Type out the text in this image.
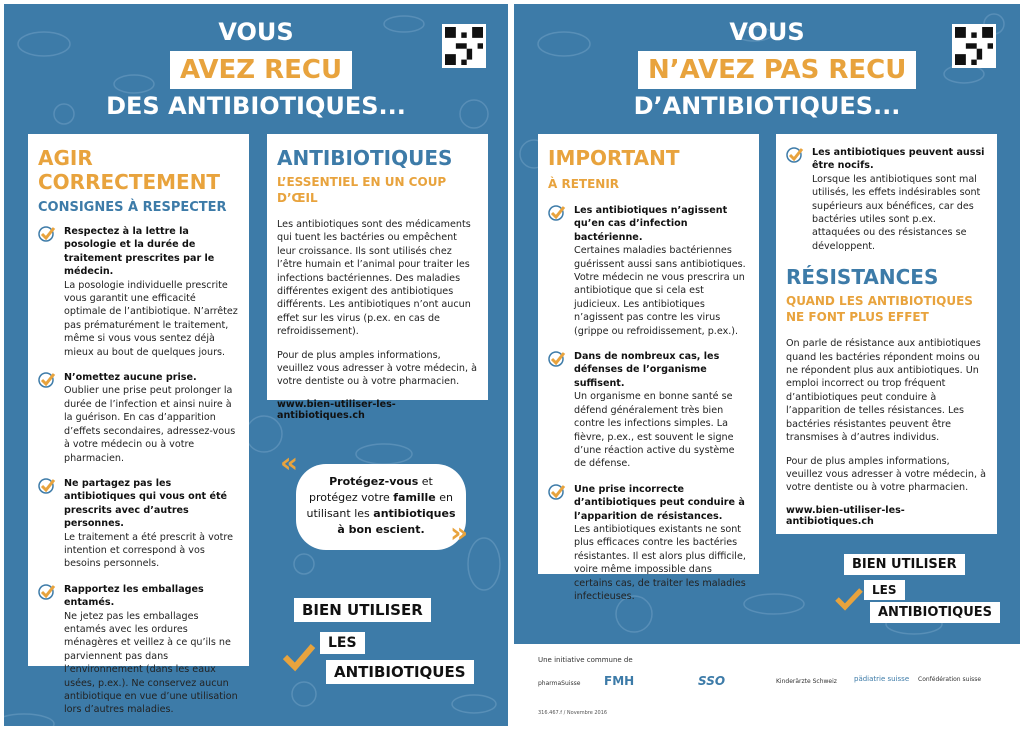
VOUS
AVEZ RECU
DES ANTIBIOTIQUES...

AGIR

CORRECTEMENT

CONSIGNES À RESPECTER

Respectez à la lettre la posologie et la durée de traitement prescrites par le médecin.
La posologie individuelle prescrite vous garantit une efficacité optimale de l’antibiotique. N’arrêtez pas prématurément le traitement, même si vous vous sentez déjà mieux au bout de quelques jours.
N’omettez aucune prise.
Oublier une prise peut prolonger la durée de l’infection et ainsi nuire à la guérison. En cas d’apparition d’effets secondaires, adressez-vous à votre médecin ou à votre pharmacien.
Ne partagez pas les antibiotiques qui vous ont été prescrits avec d’autres personnes.
Le traitement a été prescrit à votre intention et correspond à vos besoins personnels.
Rapportez les emballages entamés.
Ne jetez pas les emballages entamés avec les ordures ménagères et veillez à ce qu’ils ne parviennent pas dans l’environnement (dans les eaux usées, p.ex.). Ne conservez aucun antibiotique en vue d’une utilisation lors d’autres maladies.

ANTIBIOTIQUES

L’ESSENTIEL EN UN COUP D’ŒIL

Les antibiotiques sont des médicaments qui tuent les bactéries ou empêchent leur croissance. Ils sont utilisés chez l’être humain et l’animal pour traiter les infections bactériennes. Des maladies différentes exigent des antibiotiques différents. Les antibiotiques n’ont aucun effet sur les virus (p.ex. en cas de refroidissement).

Pour de plus amples informations, veuillez vous adresser à votre médecin, à votre dentiste ou à votre pharmacien.

www.bien-utiliser-les-antibiotiques.ch

«
Protégez-vous et protégez votre famille en utilisant les antibiotiques à bon escient. »
BIEN UTILISER
LES
ANTIBIOTIQUES
VOUS
N’AVEZ PAS RECU
D’ANTIBIOTIQUES...

IMPORTANT

À RETENIR

Les antibiotiques n’agissent qu’en cas d’infection bactérienne.
Certaines maladies bactériennes guérissent aussi sans antibiotiques. Votre médecin ne vous prescrira un antibiotique que si cela est judicieux. Les antibiotiques n’agissent pas contre les virus (grippe ou refroidissement, p.ex.).
Dans de nombreux cas, les défenses de l’organisme suffisent.
Un organisme en bonne santé se défend généralement très bien contre les infections simples. La fièvre, p.ex., est souvent le signe d’une réaction active du système de défense.
Une prise incorrecte d’antibiotiques peut conduire à l’apparition de résistances.
Les antibiotiques existants ne sont plus efficaces contre les bactéries résistantes. Il est alors plus difficile, voire même impossible dans certains cas, de traiter les maladies infectieuses.
Les antibiotiques peuvent aussi être nocifs.
Lorsque les antibiotiques sont mal utilisés, les effets indésirables sont supérieurs aux bénéfices, car des bactéries utiles sont p.ex. attaquées ou des résistances se développent.

RÉSISTANCES

QUAND LES ANTIBIOTIQUES NE FONT PLUS EFFET

On parle de résistance aux antibiotiques quand les bactéries répondent moins ou ne répondent plus aux antibiotiques. Un emploi incorrect ou trop fréquent d’antibiotiques peut conduire à l’apparition de telles résistances. Les bactéries résistantes peuvent être transmises à d’autres individus.

Pour de plus amples informations, veuillez vous adresser à votre médecin, à votre dentiste ou à votre pharmacien.

www.bien-utiliser-les-antibiotiques.ch

BIEN UTILISER
LES
ANTIBIOTIQUES
Une initiative commune de
pharmaSuisse	FMH	SSO	Kinderärzte Schweiz	pädiatrie suisse	Confédération suisse
316.467.f / Novembre 2016
